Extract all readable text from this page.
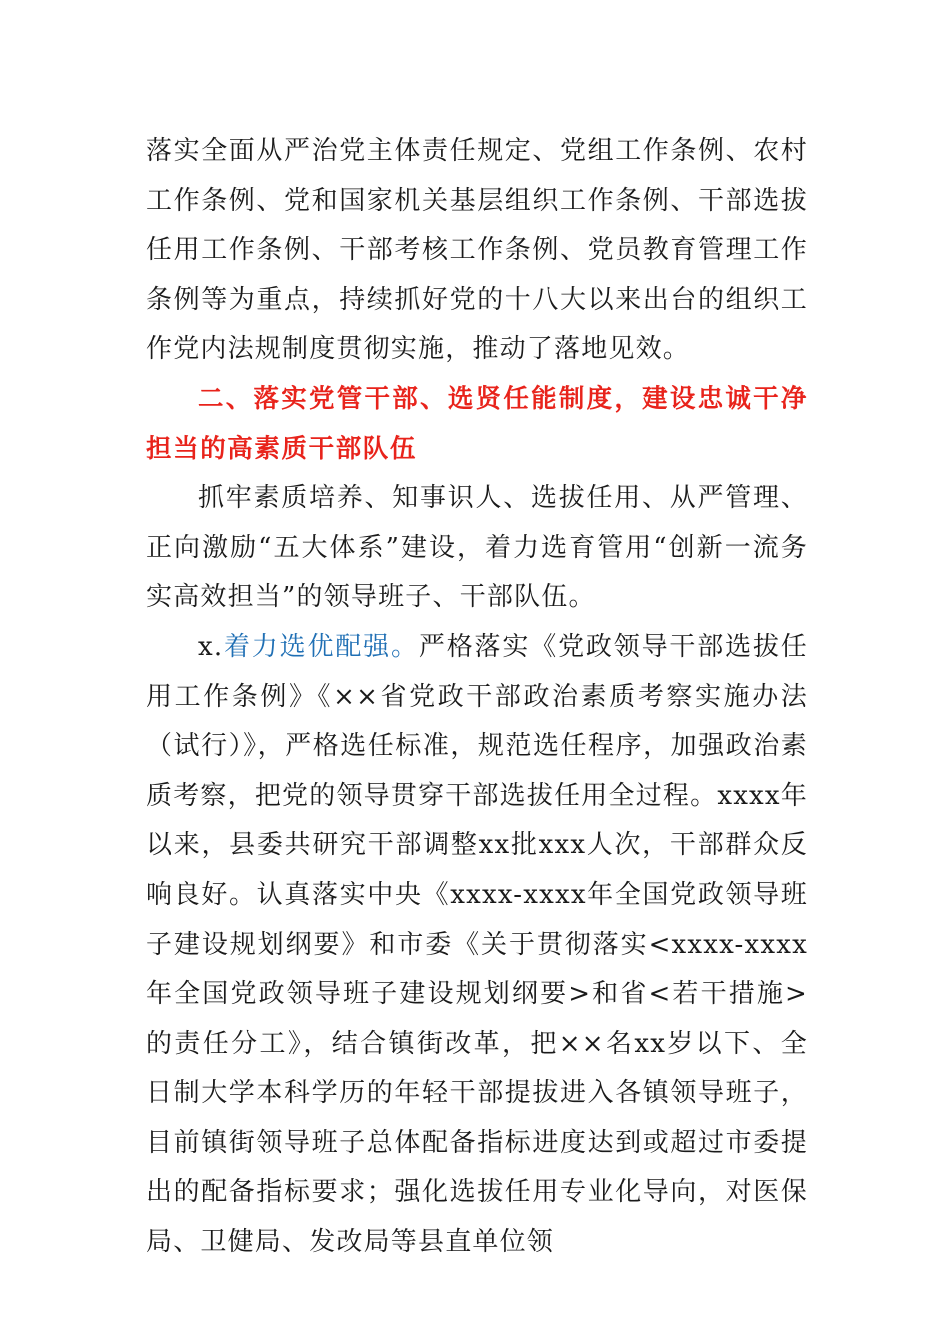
落实全面从严治党主体责任规定、党组工作条例、农村工作条例、党和国家机关基层组织工作条例、干部选拔任用工作条例、干部考核工作条例、党员教育管理工作条例等为重点，持续抓好党的十八大以来出台的组织工作党内法规制度贯彻实施，推动了落地见效。

二、落实党管干部、选贤任能制度，建设忠诚干净担当的高素质干部队伍

抓牢素质培养、知事识人、选拔任用、从严管理、正向激励“五大体系”建设，着力选育管用“创新一流务实高效担当”的领导班子、干部队伍。

x.着力选优配强。严格落实《党政领导干部选拔任用工作条例》《××省党政干部政治素质考察实施办法（试行）》，严格选任标准，规范选任程序，加强政治素质考察，把党的领导贯穿干部选拔任用全过程。xxxx年以来，县委共研究干部调整xx批xxx人次，干部群众反响良好。认真落实中央《xxxx-xxxx年全国党政领导班子建设规划纲要》和市委《关于贯彻落实<xxxx-xxxx 年全国党政领导班子建设规划纲要>和省<若干措施>的责任分工》，结合镇街改革，把××名xx岁以下、全日制大学本科学历的年轻干部提拔进入各镇领导班子，目前镇街领导班子总体配备指标进度达到或超过市委提出的配备指标要求；强化选拔任用专业化导向，对医保局、卫健局、发改局等县直单位领
